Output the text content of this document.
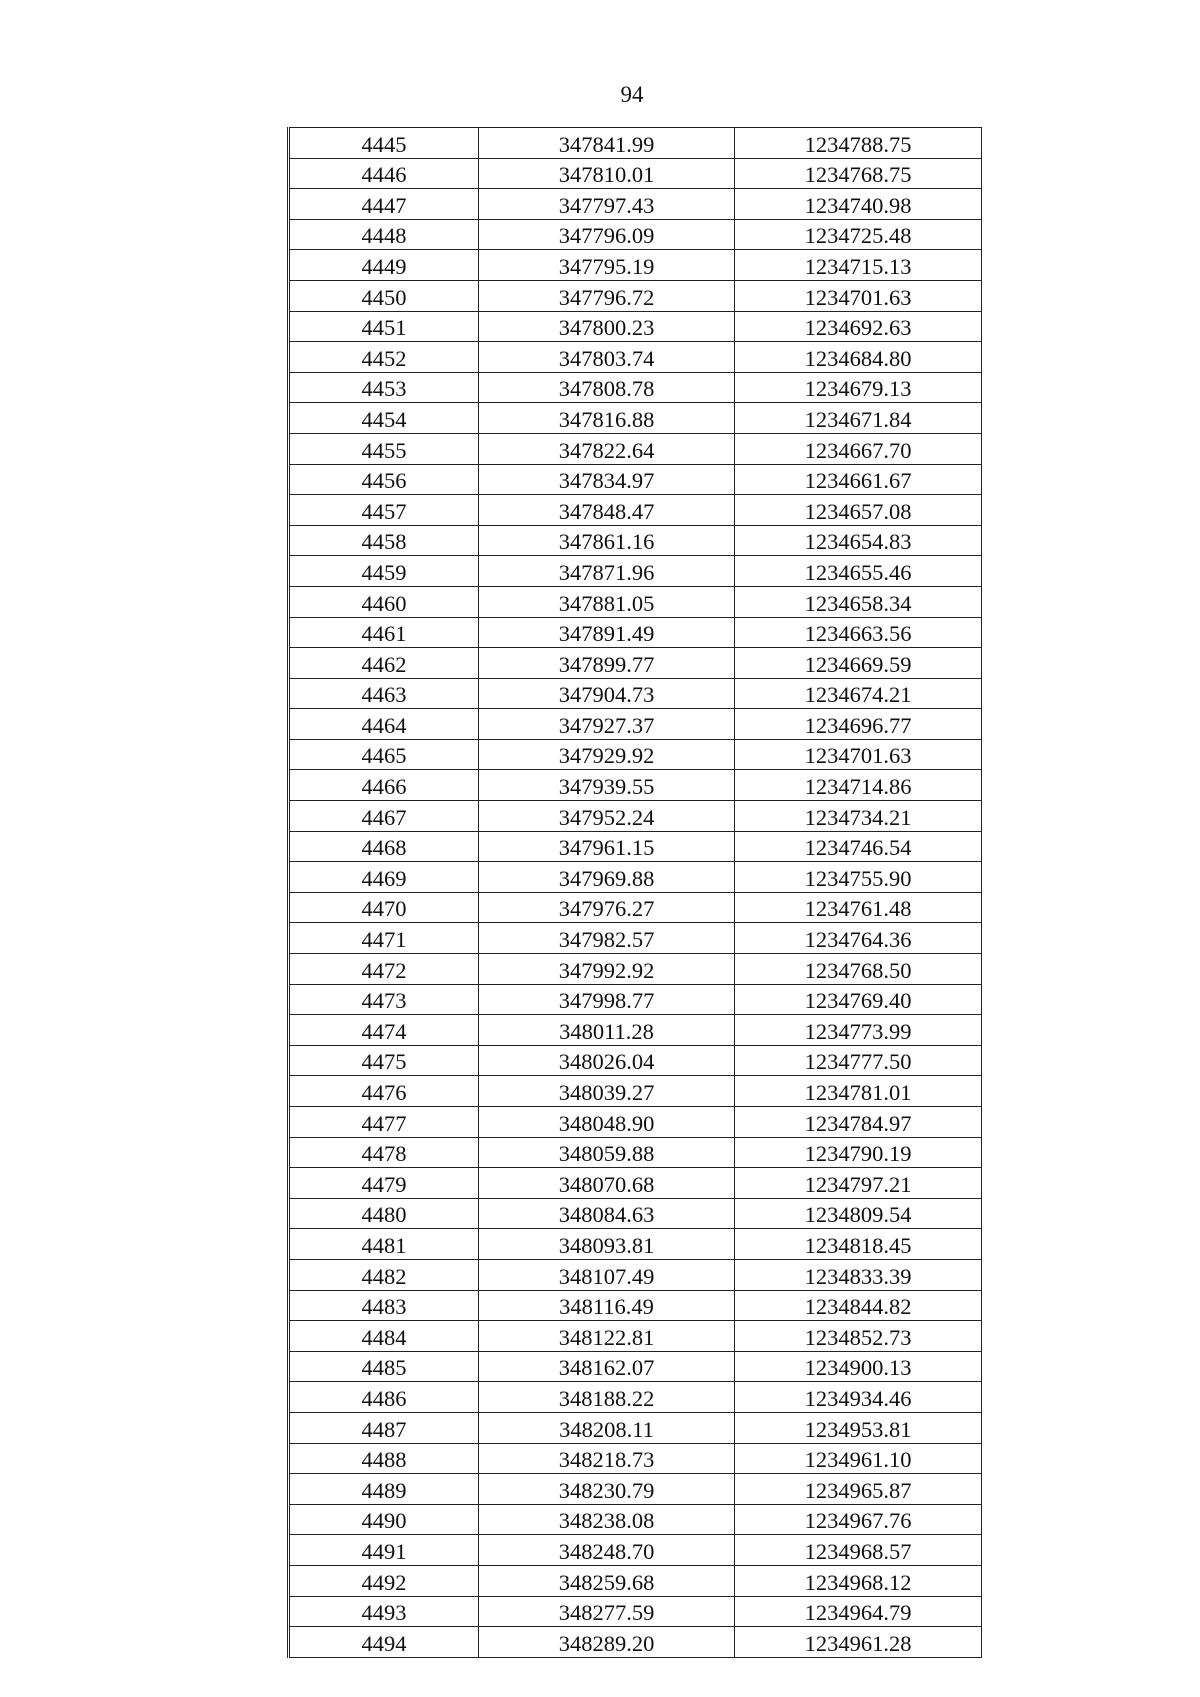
94
4445	347841.99	1234788.75
4446	347810.01	1234768.75
4447	347797.43	1234740.98
4448	347796.09	1234725.48
4449	347795.19	1234715.13
4450	347796.72	1234701.63
4451	347800.23	1234692.63
4452	347803.74	1234684.80
4453	347808.78	1234679.13
4454	347816.88	1234671.84
4455	347822.64	1234667.70
4456	347834.97	1234661.67
4457	347848.47	1234657.08
4458	347861.16	1234654.83
4459	347871.96	1234655.46
4460	347881.05	1234658.34
4461	347891.49	1234663.56
4462	347899.77	1234669.59
4463	347904.73	1234674.21
4464	347927.37	1234696.77
4465	347929.92	1234701.63
4466	347939.55	1234714.86
4467	347952.24	1234734.21
4468	347961.15	1234746.54
4469	347969.88	1234755.90
4470	347976.27	1234761.48
4471	347982.57	1234764.36
4472	347992.92	1234768.50
4473	347998.77	1234769.40
4474	348011.28	1234773.99
4475	348026.04	1234777.50
4476	348039.27	1234781.01
4477	348048.90	1234784.97
4478	348059.88	1234790.19
4479	348070.68	1234797.21
4480	348084.63	1234809.54
4481	348093.81	1234818.45
4482	348107.49	1234833.39
4483	348116.49	1234844.82
4484	348122.81	1234852.73
4485	348162.07	1234900.13
4486	348188.22	1234934.46
4487	348208.11	1234953.81
4488	348218.73	1234961.10
4489	348230.79	1234965.87
4490	348238.08	1234967.76
4491	348248.70	1234968.57
4492	348259.68	1234968.12
4493	348277.59	1234964.79
4494	348289.20	1234961.28
